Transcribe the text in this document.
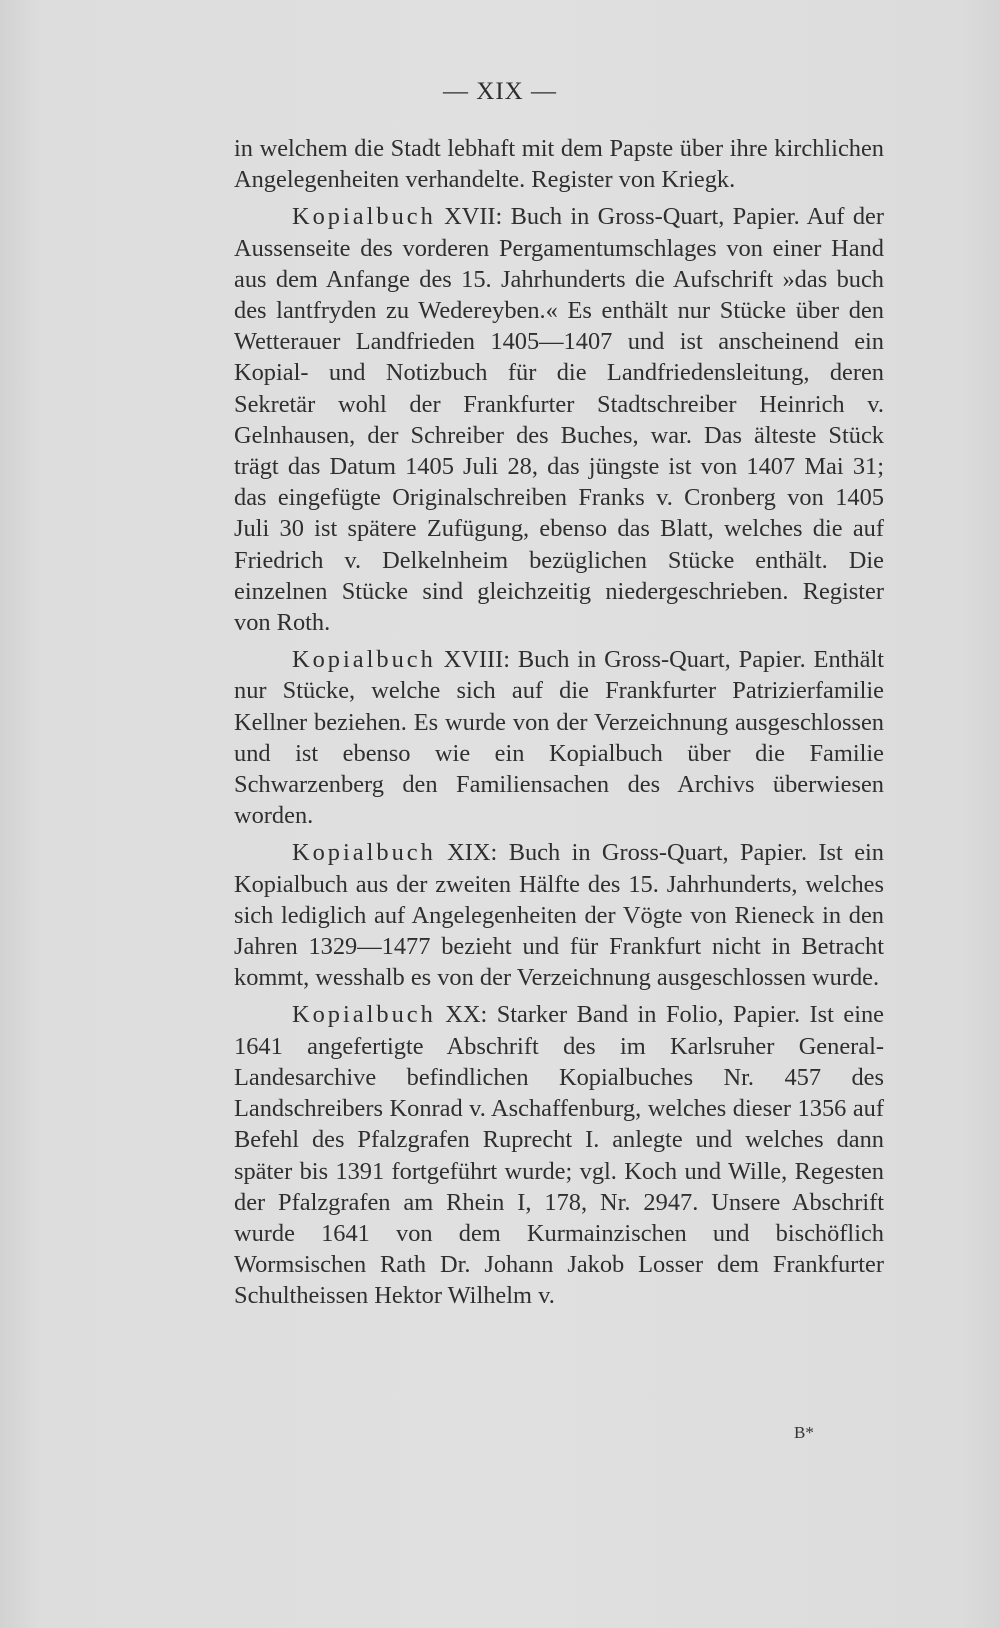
— XIX —

in welchem die Stadt lebhaft mit dem Papste über ihre kirchlichen Angelegenheiten verhandelte. Register von Kriegk.

Kopialbuch XVII: Buch in Gross-Quart, Papier. Auf der Aussenseite des vorderen Pergamentumschlages von einer Hand aus dem Anfange des 15. Jahrhunderts die Aufschrift »das buch des lantfryden zu Wedereyben.« Es enthält nur Stücke über den Wetterauer Landfrieden 1405—1407 und ist anscheinend ein Kopial- und Notizbuch für die Landfriedensleitung, deren Sekretär wohl der Frankfurter Stadtschreiber Heinrich v. Gelnhausen, der Schreiber des Buches, war. Das älteste Stück trägt das Datum 1405 Juli 28, das jüngste ist von 1407 Mai 31; das eingefügte Originalschreiben Franks v. Cronberg von 1405 Juli 30 ist spätere Zufügung, ebenso das Blatt, welches die auf Friedrich v. Delkelnheim bezüglichen Stücke enthält. Die einzelnen Stücke sind gleichzeitig niedergeschrieben. Register von Roth.

Kopialbuch XVIII: Buch in Gross-Quart, Papier. Enthält nur Stücke, welche sich auf die Frankfurter Patrizierfamilie Kellner beziehen. Es wurde von der Verzeichnung ausgeschlossen und ist ebenso wie ein Kopialbuch über die Familie Schwarzenberg den Familiensachen des Archivs überwiesen worden.

Kopialbuch XIX: Buch in Gross-Quart, Papier. Ist ein Kopialbuch aus der zweiten Hälfte des 15. Jahrhunderts, welches sich lediglich auf Angelegenheiten der Vögte von Rieneck in den Jahren 1329—1477 bezieht und für Frankfurt nicht in Betracht kommt, wesshalb es von der Verzeichnung ausgeschlossen wurde.

Kopialbuch XX: Starker Band in Folio, Papier. Ist eine 1641 angefertigte Abschrift des im Karlsruher General-Landesarchive befindlichen Kopialbuches Nr. 457 des Landschreibers Konrad v. Aschaffenburg, welches dieser 1356 auf Befehl des Pfalzgrafen Ruprecht I. anlegte und welches dann später bis 1391 fortgeführt wurde; vgl. Koch und Wille, Regesten der Pfalzgrafen am Rhein I, 178, Nr. 2947. Unsere Abschrift wurde 1641 von dem Kurmainzischen und bischöflich Wormsischen Rath Dr. Johann Jakob Losser dem Frankfurter Schultheissen Hektor Wilhelm v.

B*
